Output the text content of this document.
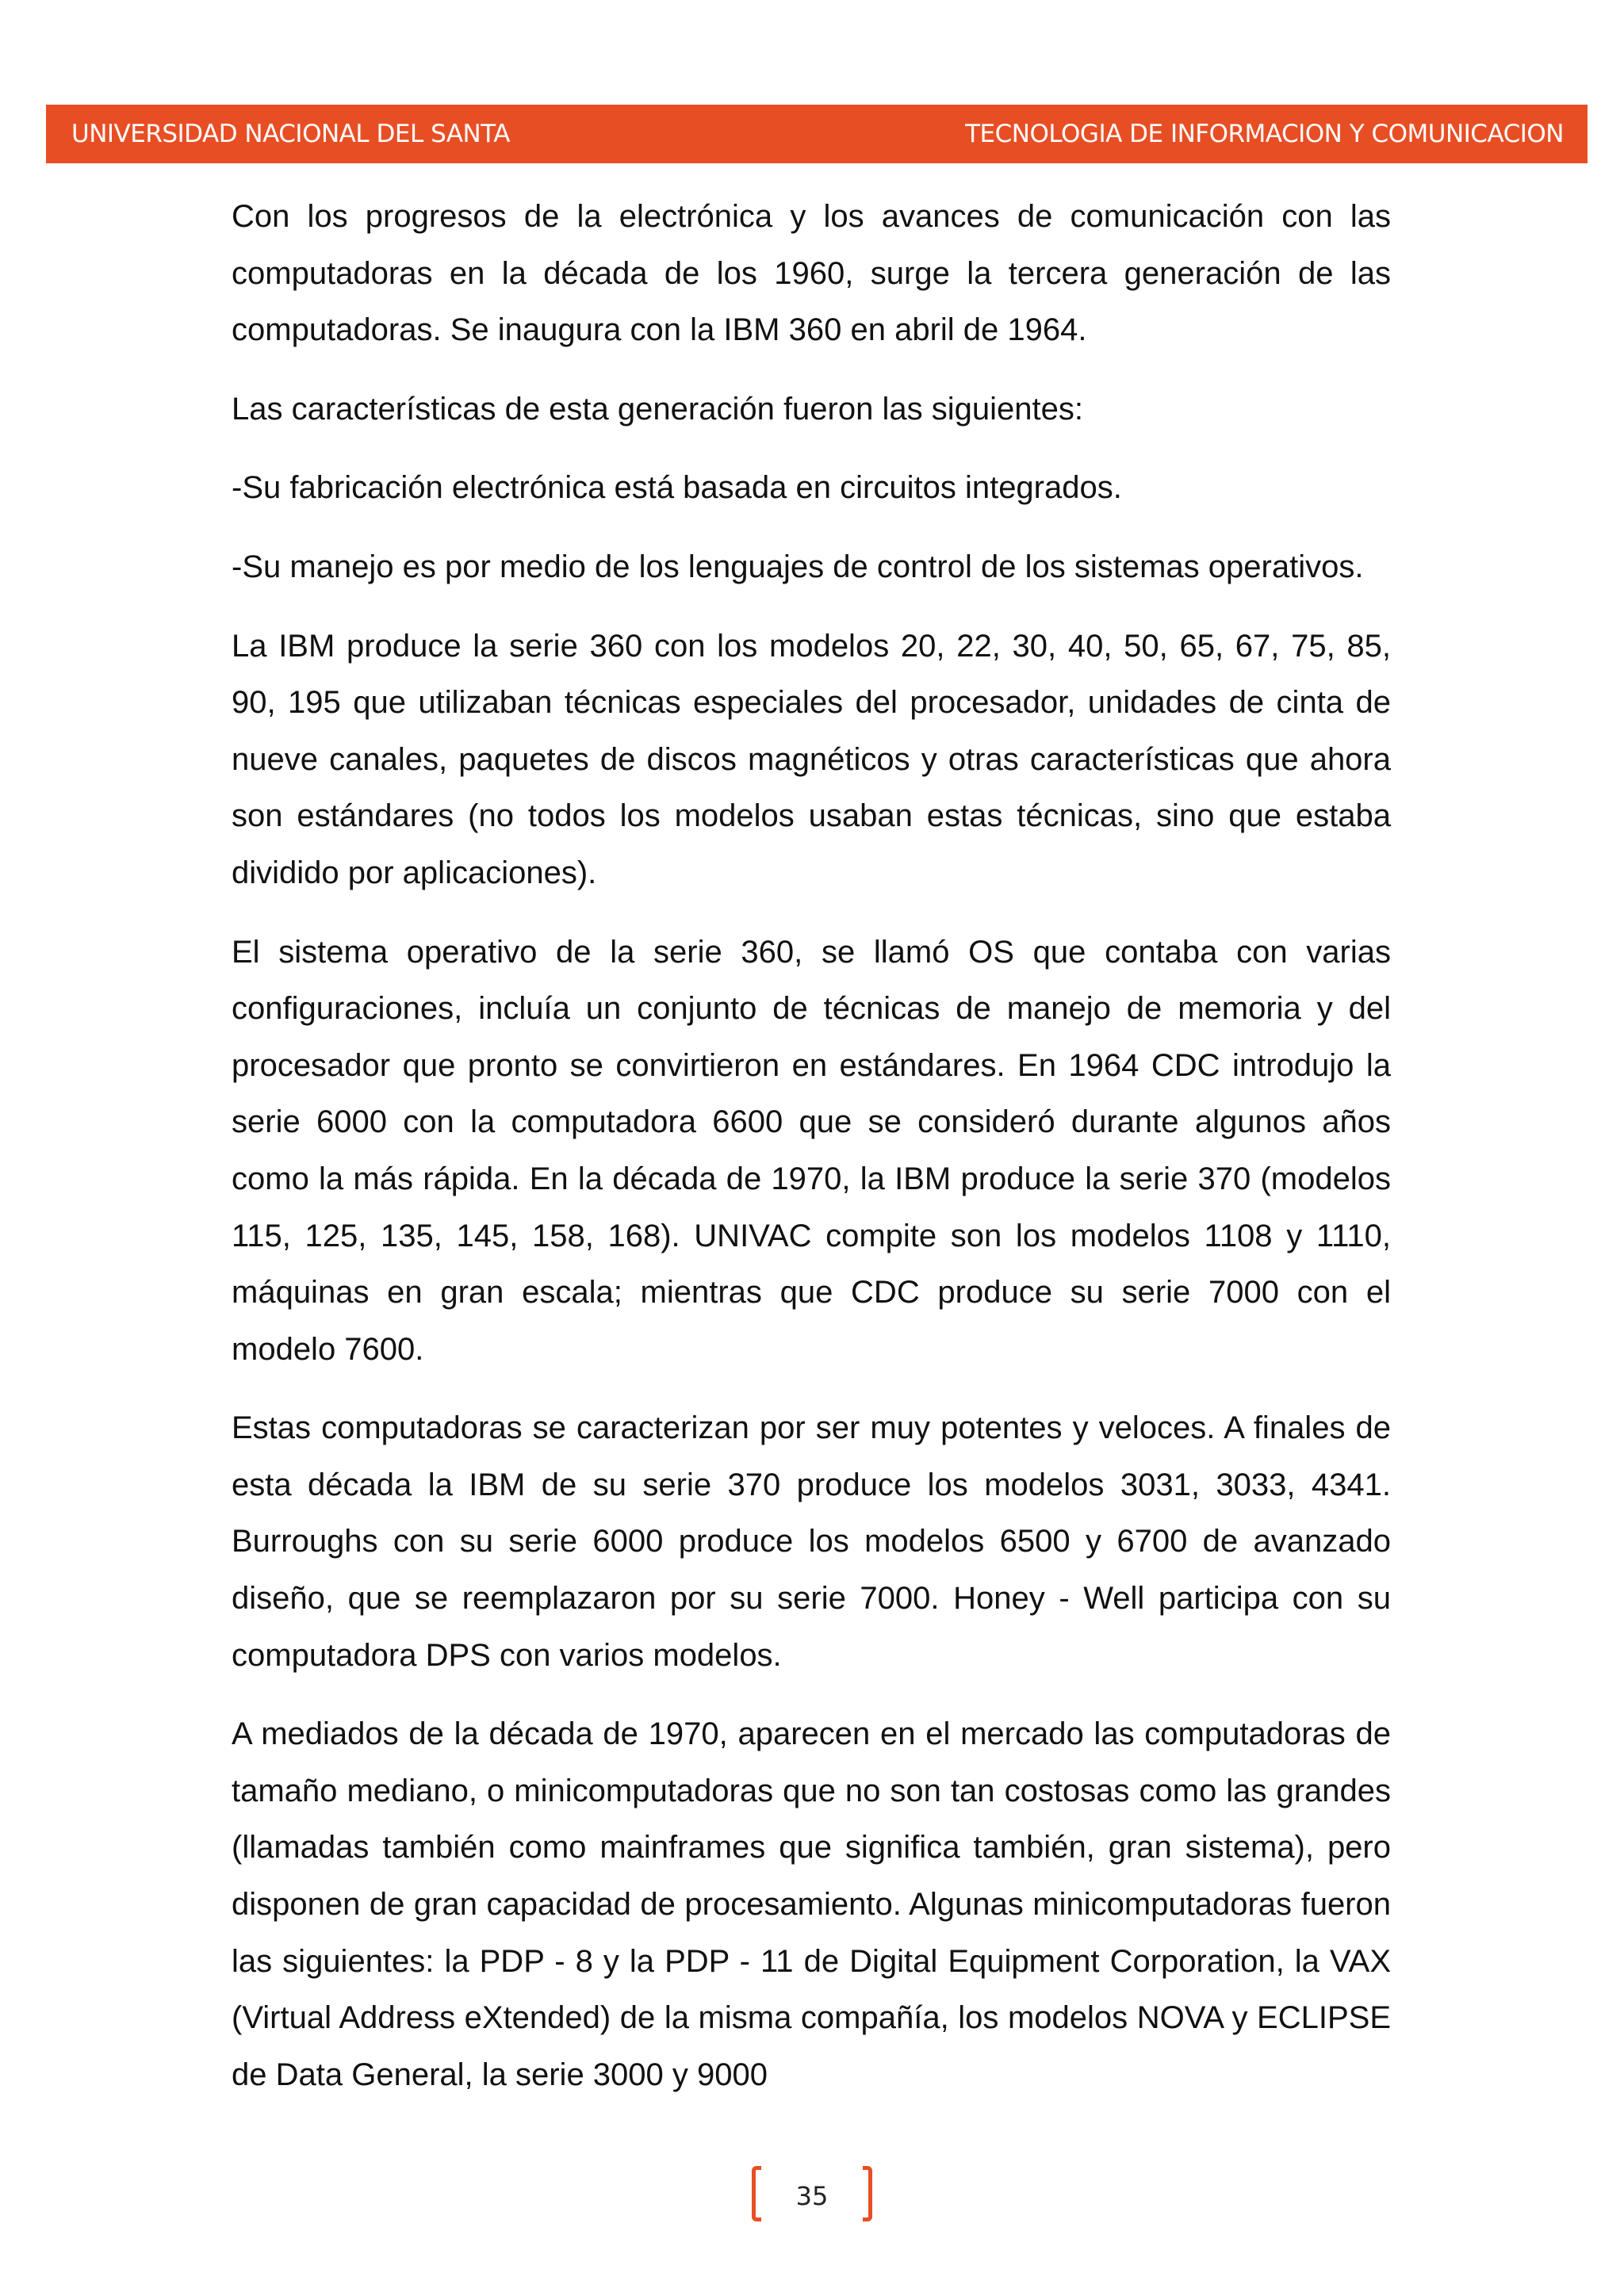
UNIVERSIDAD NACIONAL DEL SANTA	TECNOLOGIA DE INFORMACION Y COMUNICACION

Con los progresos de la electrónica y los avances de comunicación con las computadoras en la década de los 1960, surge la tercera generación de las computadoras. Se inaugura con la IBM 360 en abril de 1964.

Las características de esta generación fueron las siguientes:

-Su fabricación electrónica está basada en circuitos integrados.

-Su manejo es por medio de los lenguajes de control de los sistemas operativos.

La IBM produce la serie 360 con los modelos 20, 22, 30, 40, 50, 65, 67, 75, 85, 90, 195 que utilizaban técnicas especiales del procesador, unidades de cinta de nueve canales, paquetes de discos magnéticos y otras características que ahora son estándares (no todos los modelos usaban estas técnicas, sino que estaba dividido por aplicaciones).

El sistema operativo de la serie 360, se llamó OS que contaba con varias configuraciones, incluía un conjunto de técnicas de manejo de memoria y del procesador que pronto se convirtieron en estándares. En 1964 CDC introdujo la serie 6000 con la computadora 6600 que se consideró durante algunos años como la más rápida. En la década de 1970, la IBM produce la serie 370 (modelos 115, 125, 135, 145, 158, 168). UNIVAC compite son los modelos 1108 y 1110, máquinas en gran escala; mientras que CDC produce su serie 7000 con el modelo 7600.

Estas computadoras se caracterizan por ser muy potentes y veloces. A finales de esta década la IBM de su serie 370 produce los modelos 3031, 3033, 4341. Burroughs con su serie 6000 produce los modelos 6500 y 6700 de avanzado diseño, que se reemplazaron por su serie 7000. Honey - Well participa con su computadora DPS con varios modelos.

A mediados de la década de 1970, aparecen en el mercado las computadoras de tamaño mediano, o minicomputadoras que no son tan costosas como las grandes (llamadas también como mainframes que significa también, gran sistema), pero disponen de gran capacidad de procesamiento. Algunas minicomputadoras fueron las siguientes: la PDP - 8 y la PDP - 11 de Digital Equipment Corporation, la VAX (Virtual Address eXtended) de la misma compañía, los modelos NOVA y ECLIPSE de Data General, la serie 3000 y 9000

35
